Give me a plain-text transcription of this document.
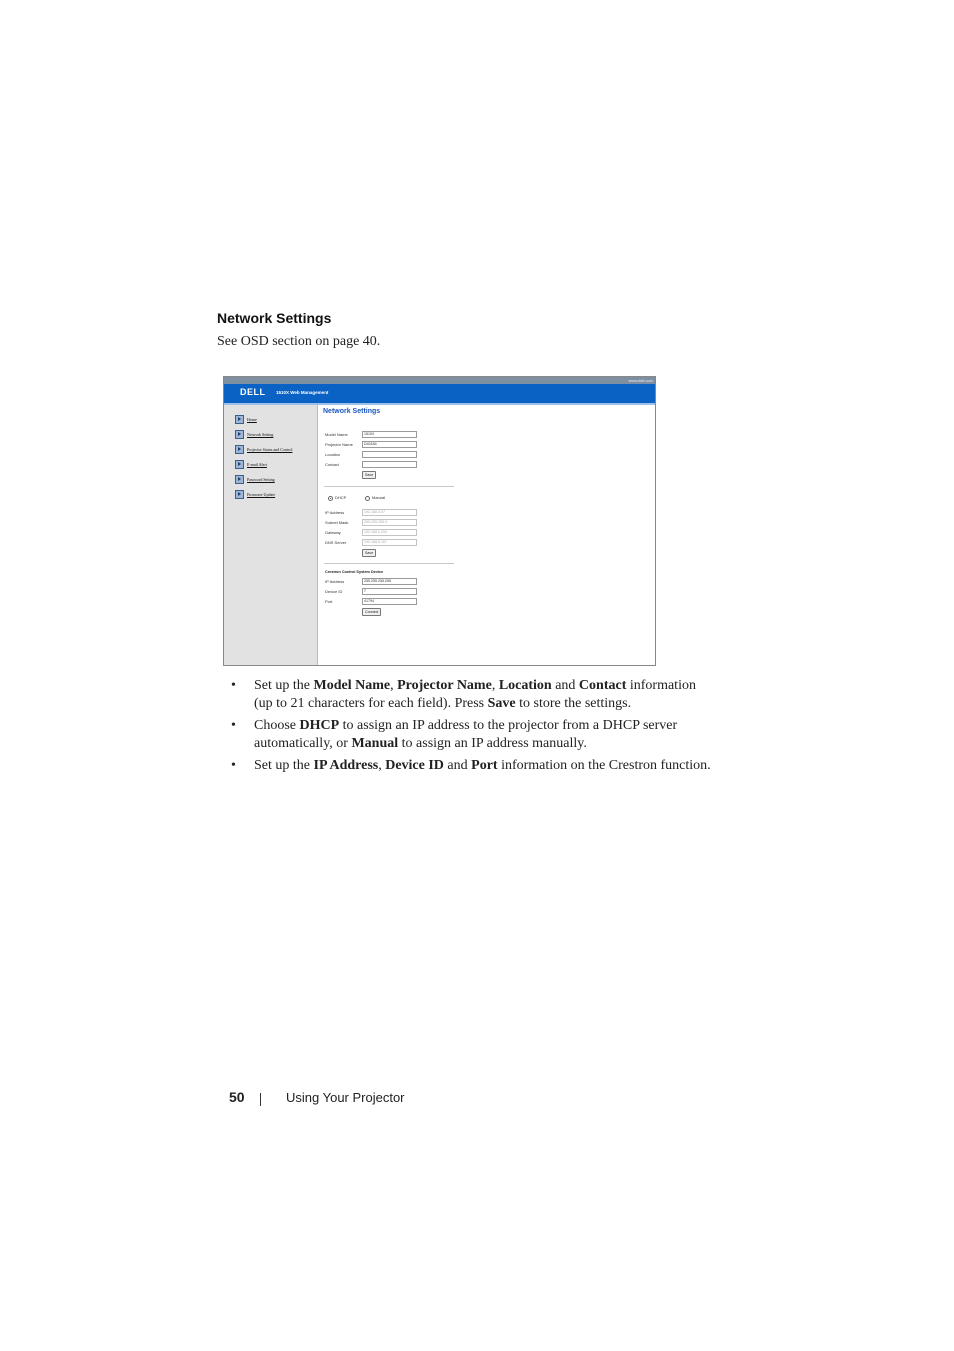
Network Settings
See OSD section on page 40.
www.dell.com
DELL 1510X Web Management
Home
Network Setting
Projector Status and Control
E-mail Alert
Password Setting
Firmware Update
Network Settings
Model Name	1510X
Projector Name	D40184
Location
Contact
Save
DHCP	Manual
IP Address	192.168.0.67
Subnet Mask	255.255.255.0
Gateway	192.168.0.254
DNS Server	192.168.0.167
Save
Crestron Control System Device
IP Address	255.255.255.255
Device ID	7
Port	41794
Connect
• Set up the Model Name, Projector Name, Location and Contact information (up to 21 characters for each field). Press Save to store the settings.
• Choose DHCP to assign an IP address to the projector from a DHCP server automatically, or Manual to assign an IP address manually.
• Set up the IP Address, Device ID and Port information on the Crestron function.
50	Using Your Projector
